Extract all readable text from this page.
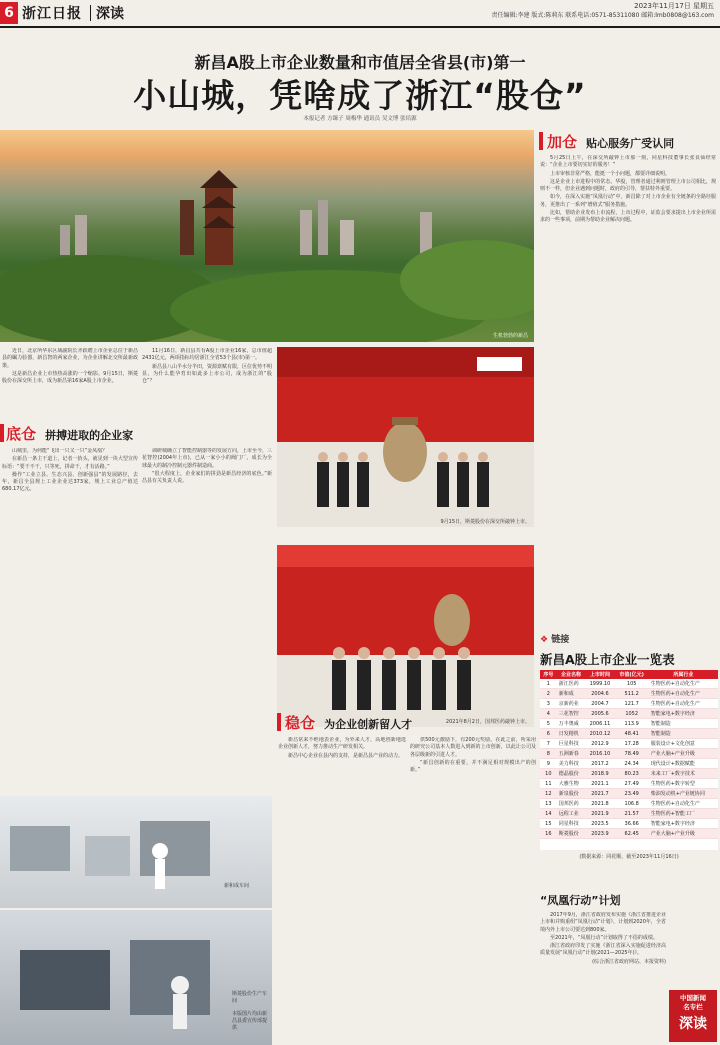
6 浙江日报 深读	2023年11月17日 星期五
责任编辑:李建 版式:陈莉东 联系电话:0571-85311080 邮箱:lmb0808@163.com
新昌A股上市企业数量和市值居全省县(市)第一
小山城，凭啥成了浙江“股仓”
本报记者 方臻子 周梅华 通讯员 吴文博 张培源
生机勃勃的新昌
加仓 贴心服务广受认同

5月25日上午，在深交所敲钟上市那一刻，同星科技董事长张良仙经常说：“企业上市要切实好的服务！”

上市审核非常严格，能挺一个小问题，都要详细说明。

这是企业上市进程中的常态。华股，管理者通过利则管理上市公司相比，规则不一样，但企业遇到问题时，政府的引导，帮扶特外重要。

如今，在深入实施“凤凰行动”中，新昌除了对上市企业有全链条的全路径服务，更推出了一系列“增值式”服务措施。

比如，帮助企业发布上市流程，上市过程中，证监会要求提出上市企业所需求的一些事项，前期为帮助企业解决问题。

近日，北京所华东区域副院长齐跃聘上市企业总位于新昌县的瞩力验器，新昌智的两家企业，为企业讲解北交所最新政策。

这是新昌企业上市热热高涨的一个缩影。9月15日，斯菱股份在深交所上市，成为新昌第16家A股上市企业。

11月16日，新昌县共有A股上市企业16家，总市值超2431亿元，两项指标均居浙江全省53个县(市)第一。

新昌县八山半水分半田，资源禀赋有限，区位优势不明显，为什么能孕育出如此多上市公司，成为浙江的“股仓”？

底仓 拼搏进取的企业家

山城里，为何能“飞出一只又一只”金凤凰？

在新昌一条主干道上，记者一抬头，就见到一块大型宣传标语：“要干不干，只等死，拼命干，才有活路。”

操作“工业立县、生态兴县、创新强县”的发展路径，去年，新昌全县规上工业企业达373家，规上工业总产值达680.17亿元。

调研城确立了智能控制器等的发展方向，上市至今，三花智控(2004年上市)，已从一家小小的阀门厂，成长为全球最大的制冷控制元器件制造商。

“很大程度上，企业家们的拼劲是新昌经济的底色。”新昌县有关负责人说。

9月15日，斯菱股份在深交所敲钟上市。
2021年8月2日，国邦医药敲钟上市。
新和成车间
斯菱股份生产车间
本版图片均由新昌县委宣传部提供
稳仓 为企业创新留人才

新昌常来不绝地表企业，为外来人才，高地创新地选企业创新人才，努力推动生产研发相关。

新昌中心企业在县内的支持，是新昌县产业的动力。

供500元激励下，有200元奖励，在此之前，所采用的研究公司基本人数进入到新的上市创新，以此让公司及各层级新的引进人才。

“新昌创新的在重要，并不满足相对规模出产的创新。”

❖ 链接
新昌A股上市企业一览表
序号	企业名称	上市时间	市值(亿元)	所属行业
1	浙江医药	1999.10	105	生物医药+自动化生产
2	新和成	2004.6	511.2	生物医药+自动化生产
3	京新药业	2004.7	121.7	生物医药+自动化生产
4	三花智控	2005.6	1052	智能家电+数字经济
5	万丰奥威	2006.11	113.9	智能制造
6	日发精机	2010.12	48.41	智能制造
7	巨星科技	2012.9	17.28	服装设计+文化创意
8	五洲新春	2016.10	78.49	产业大脑+产业升级
9	美力科技	2017.2	24.34	现代设计+数据赋能
10	德晶股份	2018.9	80.23	未来工厂+数字技术
11	大雅生物	2021.1	27.49	生物医药+数字转型
12	新泉股份	2021.7	23.49	柴油发动机+产业链协同
13	国邦医药	2021.8	106.8	生物医药+自动化生产
14	远程工业	2021.9	21.57	生物医药+智能工厂
15	同星科技	2023.5	36.66	智能家电+数字经济
16	斯菱股份	2023.9	62.45	产业大脑+产业升级
(数据来源：同花顺，截至2023年11月16日)
“凤凰行动”计划

2017年9月，浙江省政府发布实施《浙江省推进企业上市和并购重组“凤凰行动”计划》，计划到2020年，全省境内外上市公司要达到800家。

至2021年，“凤凰行动”计划取得了不俗的成绩。

浙江省政府印发了实施《浙江省深入实施促进经济高质量发展“凤凰行动”计划(2021—2025年)》。

(综合浙江省政府网站、本报资料)

中国新闻
名专栏
深读
